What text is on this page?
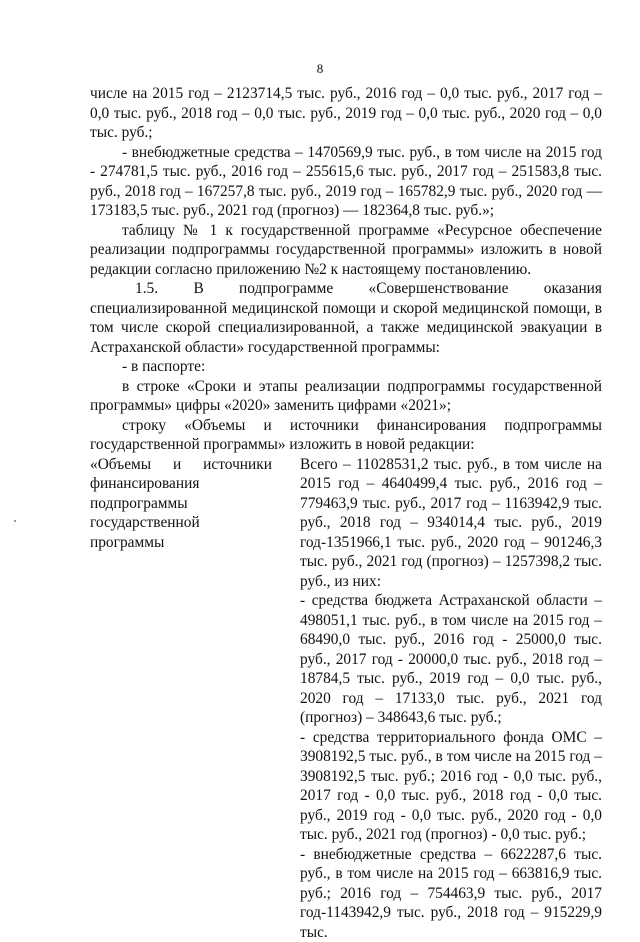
8

числе на 2015 год – 2123714,5 тыс. руб., 2016 год – 0,0 тыс. руб., 2017 год – 0,0 тыс. руб., 2018 год – 0,0 тыс. руб., 2019 год – 0,0 тыс. руб., 2020 год – 0,0 тыс. руб.;

- внебюджетные средства – 1470569,9 тыс. руб., в том числе на 2015 год - 274781,5 тыс. руб., 2016 год – 255615,6 тыс. руб., 2017 год – 251583,8 тыс. руб., 2018 год – 167257,8 тыс. руб., 2019 год – 165782,9 тыс. руб., 2020 год — 173183,5 тыс. руб., 2021 год (прогноз) — 182364,8 тыс. руб.»;

таблицу № 1 к государственной программе «Ресурсное обеспечение реализации подпрограммы государственной программы» изложить в новой редакции согласно приложению №2 к настоящему постановлению.

1.5. В подпрограмме «Совершенствование оказания специализированной медицинской помощи и скорой медицинской помощи, в том числе скорой специализированной, а также медицинской эвакуации в Астраханской области» государственной программы:

- в паспорте:

в строке «Сроки и этапы реализации подпрограммы государственной программы» цифры «2020» заменить цифрами «2021»;

строку «Объемы и источники финансирования подпрограммы государственной программы» изложить в новой редакции:

«Объемы и источники финансирования подпрограммы государственной программы

Всего – 11028531,2 тыс. руб., в том числе на 2015 год – 4640499,4 тыс. руб., 2016 год – 779463,9 тыс. руб., 2017 год – 1163942,9 тыс. руб., 2018 год – 934014,4 тыс. руб., 2019 год-1351966,1 тыс. руб., 2020 год – 901246,3 тыс. руб., 2021 год (прогноз) – 1257398,2 тыс. руб., из них:

- средства бюджета Астраханской области – 498051,1 тыс. руб., в том числе на 2015 год – 68490,0 тыс. руб., 2016 год - 25000,0 тыс. руб., 2017 год - 20000,0 тыс. руб., 2018 год – 18784,5 тыс. руб., 2019 год – 0,0 тыс. руб., 2020 год – 17133,0 тыс. руб., 2021 год (прогноз) – 348643,6 тыс. руб.;

- средства территориального фонда ОМС – 3908192,5 тыс. руб., в том числе на 2015 год – 3908192,5 тыс. руб.; 2016 год - 0,0 тыс. руб., 2017 год - 0,0 тыс. руб., 2018 год - 0,0 тыс. руб., 2019 год - 0,0 тыс. руб., 2020 год - 0,0 тыс. руб., 2021 год (прогноз) - 0,0 тыс. руб.;

- внебюджетные средства – 6622287,6 тыс. руб., в том числе на 2015 год – 663816,9 тыс. руб.; 2016 год – 754463,9 тыс. руб., 2017 год-1143942,9 тыс. руб., 2018 год – 915229,9 тыс.
